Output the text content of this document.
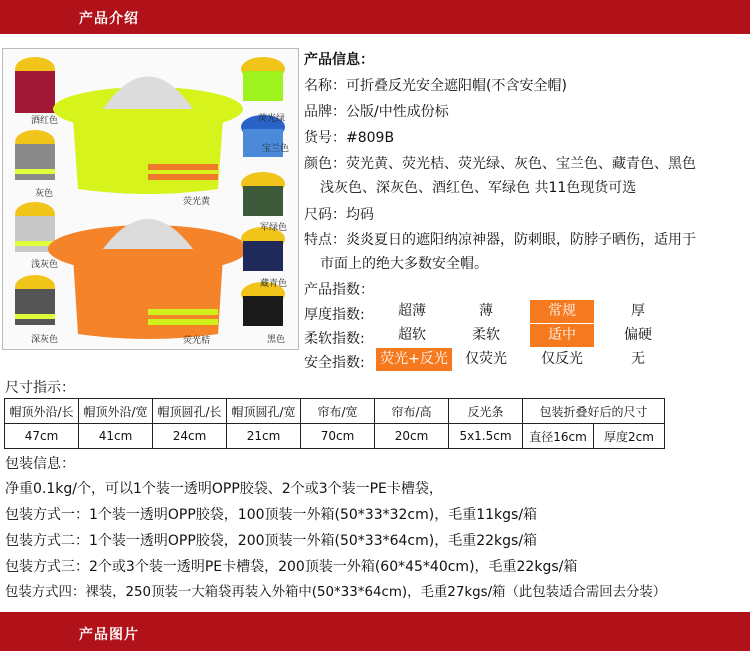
产品介绍
酒红色
灰色
浅灰色
深灰色
荧光黄
荧光桔
荧光绿
宝兰色
军绿色
藏青色
黑色
产品信息：
名称：可折叠反光安全遮阳帽(不含安全帽)
品牌：公版/中性成份标
货号：#809B
颜色：荧光黄、荧光桔、荧光绿、灰色、宝兰色、藏青色、黑色
浅灰色、深灰色、酒红色、军绿色 共11色现货可选
尺码：均码
特点：炎炎夏日的遮阳纳凉神器，防刺眼，防脖子晒伤，适用于
市面上的绝大多数安全帽。
产品指数：
厚度指数:	超薄	薄	常规	厚
柔软指数:	超软	柔软	适中	偏硬
安全指数: 荧光+反光	仅荧光	仅反光	无
尺寸指示：
帽顶外沿/长	帽顶外沿/宽	帽顶圆孔/长	帽顶圆孔/宽	帘布/宽	帘布/高	反光条	包装折叠好后的尺寸	
47cm	41cm	24cm	21cm	70cm	20cm	5x1.5cm	直径16cm	厚度2cm
包装信息：
净重0.1kg/个，可以1个装一透明OPP胶袋、2个或3个装一PE卡槽袋，
包装方式一：1个装一透明OPP胶袋，100顶装一外箱(50*33*32cm)，毛重11kgs/箱
包装方式二：1个装一透明OPP胶袋，200顶装一外箱(50*33*64cm)，毛重22kgs/箱
包装方式三：2个或3个装一透明PE卡槽袋，200顶装一外箱(60*45*40cm)，毛重22kgs/箱
包装方式四：裸装，250顶装一大箱袋再装入外箱中(50*33*64cm)，毛重27kgs/箱（此包装适合需回去分装）
产品图片
